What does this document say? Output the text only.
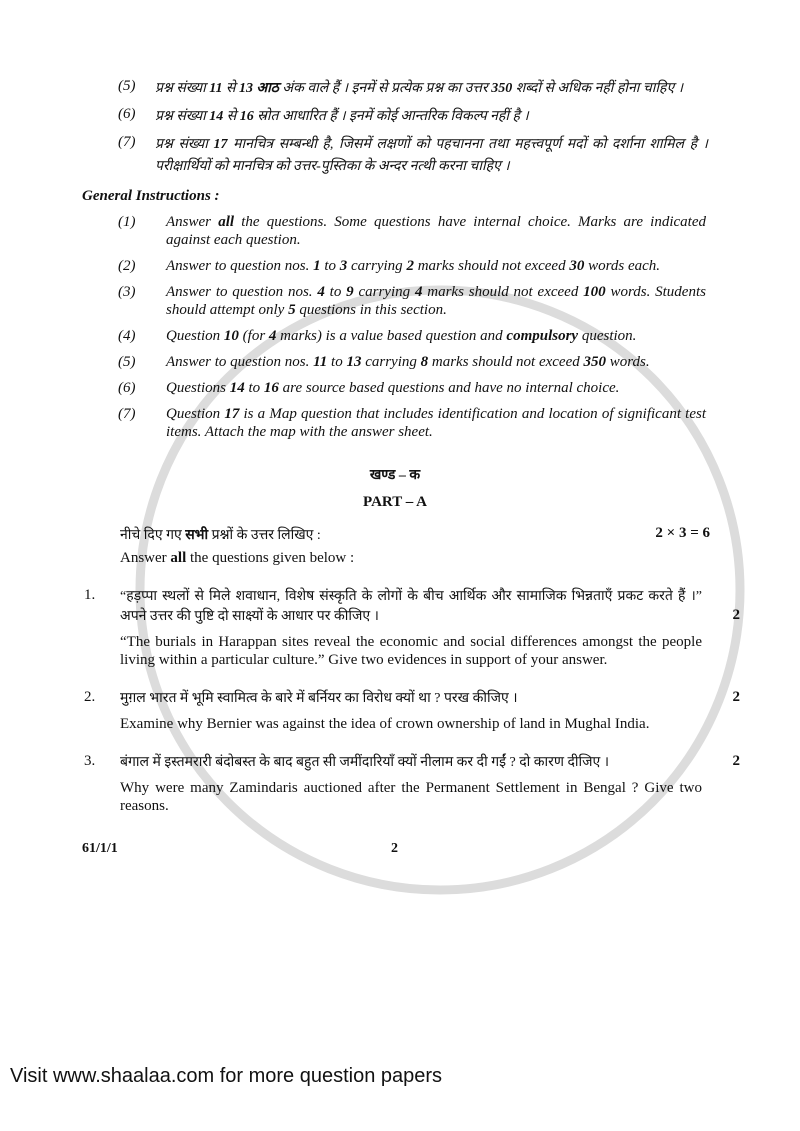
(5)	प्रश्न संख्या 11 से 13 आठ अंक वाले हैं । इनमें से प्रत्येक प्रश्न का उत्तर 350 शब्दों से अधिक नहीं होना चाहिए ।
(6)	प्रश्न संख्या 14 से 16 स्रोत आधारित हैं । इनमें कोई आन्तरिक विकल्प नहीं है ।
(7)	प्रश्न संख्या 17 मानचित्र सम्बन्धी है, जिसमें लक्षणों को पहचानना तथा महत्त्वपूर्ण मदों को दर्शाना शामिल है । परीक्षार्थियों को मानचित्र को उत्तर-पुस्तिका के अन्दर नत्थी करना चाहिए ।
General Instructions :
(1)	Answer all the questions. Some questions have internal choice. Marks are indicated against each question.
(2)	Answer to question nos. 1 to 3 carrying 2 marks should not exceed 30 words each.
(3)	Answer to question nos. 4 to 9 carrying 4 marks should not exceed 100 words. Students should attempt only 5 questions in this section.
(4)	Question 10 (for 4 marks) is a value based question and compulsory question.
(5)	Answer to question nos. 11 to 13 carrying 8 marks should not exceed 350 words.
(6)	Questions 14 to 16 are source based questions and have no internal choice.
(7)	Question 17 is a Map question that includes identification and location of significant test items. Attach the map with the answer sheet.
खण्ड – क
PART – A
नीचे दिए गए सभी प्रश्नों के उत्तर लिखिए :	2 × 3 = 6
Answer all the questions given below :
1.	“हड़प्पा स्थलों से मिले शवाधान, विशेष संस्कृति के लोगों के बीच आर्थिक और सामाजिक भिन्नताएँ प्रकट करते हैं ।” अपने उत्तर की पुष्टि दो साक्ष्यों के आधार पर कीजिए ।
“The burials in Harappan sites reveal the economic and social differences amongst the people living within a particular culture.” Give two evidences in support of your answer.
2
2.	मुग़ल भारत में भूमि स्वामित्व के बारे में बर्नियर का विरोध क्यों था ? परख कीजिए ।
Examine why Bernier was against the idea of crown ownership of land in Mughal India.
2
3.	बंगाल में इस्तमरारी बंदोबस्त के बाद बहुत सी जमींदारियाँ क्यों नीलाम कर दी गईं ? दो कारण दीजिए ।
Why were many Zamindaris auctioned after the Permanent Settlement in Bengal ? Give two reasons.
2
61/1/1	2
Visit www.shaalaa.com for more question papers
